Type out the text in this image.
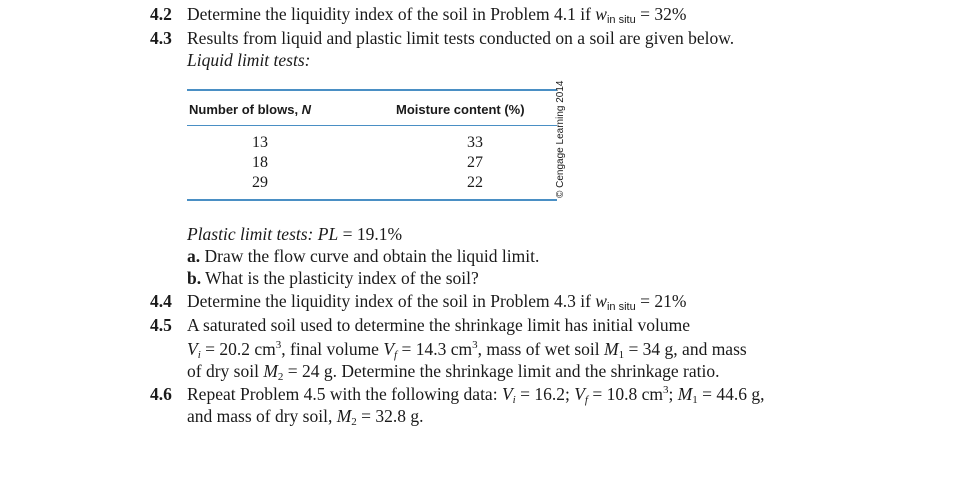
4.2 Determine the liquidity index of the soil in Problem 4.1 if $w_{in situ} = 32\%$
4.3 Results from liquid and plastic limit tests conducted on a soil are given below.
Liquid limit tests:
Number of blows, N	Moisture content (%)
13	33
18	27
29	22	© Cengage Learning 2014
Plastic limit tests: PL = 19.1%
a. Draw the flow curve and obtain the liquid limit.
b. What is the plasticity index of the soil?
4.4 Determine the liquidity index of the soil in Problem 4.3 if $w_{in situ} = 21\%$
4.5 A saturated soil used to determine the shrinkage limit has initial volume
$V_i = 20.2$ $cm^3$, final volume $V_f = 14.3$ $cm^3$, mass of wet soil $M_1 = 34$ g, and mass
of dry soil $M_2 = 24$ g. Determine the shrinkage limit and the shrinkage ratio.
4.6 Repeat Problem 4.5 with the following data: $V_i = 16.2$; $V_f = 10.8$ $cm^3$; $M_1 = 44.6$ g,
and mass of dry soil, $M_2 = 32.8$ g.
